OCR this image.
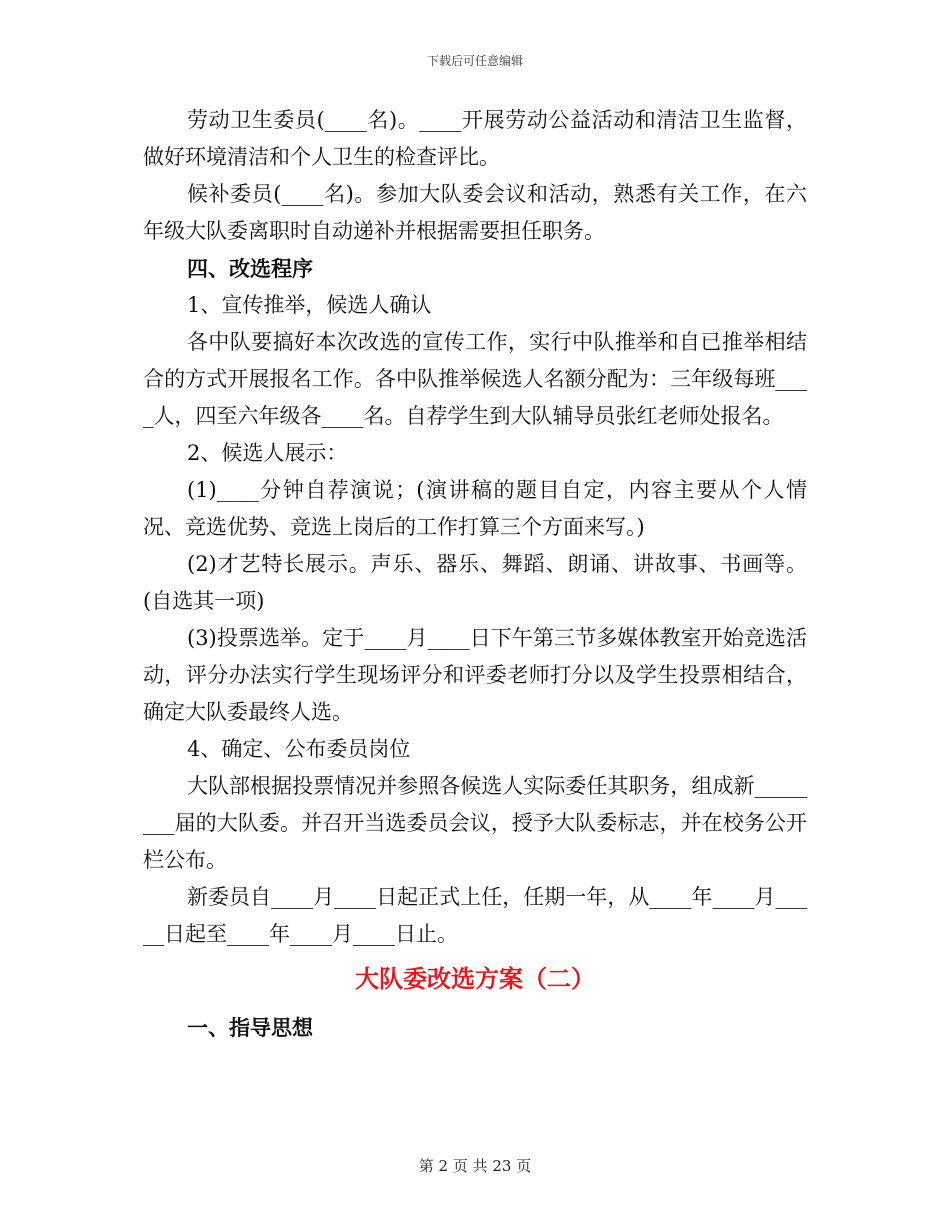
下载后可任意编辑

劳动卫生委员(____名)。____开展劳动公益活动和清洁卫生监督，做好环境清洁和个人卫生的检查评比。

候补委员(____名)。参加大队委会议和活动，熟悉有关工作，在六年级大队委离职时自动递补并根据需要担任职务。

四、改选程序

1、宣传推举，候选人确认

各中队要搞好本次改选的宣传工作，实行中队推举和自已推举相结合的方式开展报名工作。各中队推举候选人名额分配为：三年级每班____人，四至六年级各____名。自荐学生到大队辅导员张红老师处报名。

2、候选人展示：

(1)____分钟自荐演说；(演讲稿的题目自定，内容主要从个人情况、竞选优势、竞选上岗后的工作打算三个方面来写。)

(2)才艺特长展示。声乐、器乐、舞蹈、朗诵、讲故事、书画等。(自选其一项)

(3)投票选举。定于____月____日下午第三节多媒体教室开始竞选活动，评分办法实行学生现场评分和评委老师打分以及学生投票相结合，确定大队委最终人选。

4、确定、公布委员岗位

大队部根据投票情况并参照各候选人实际委任其职务，组成新________届的大队委。并召开当选委员会议，授予大队委标志，并在校务公开栏公布。

新委员自____月____日起正式上任，任期一年，从____年____月_____日起至____年____月____日止。

大队委改选方案（二）

一、指导思想

第 2 页 共 23 页
